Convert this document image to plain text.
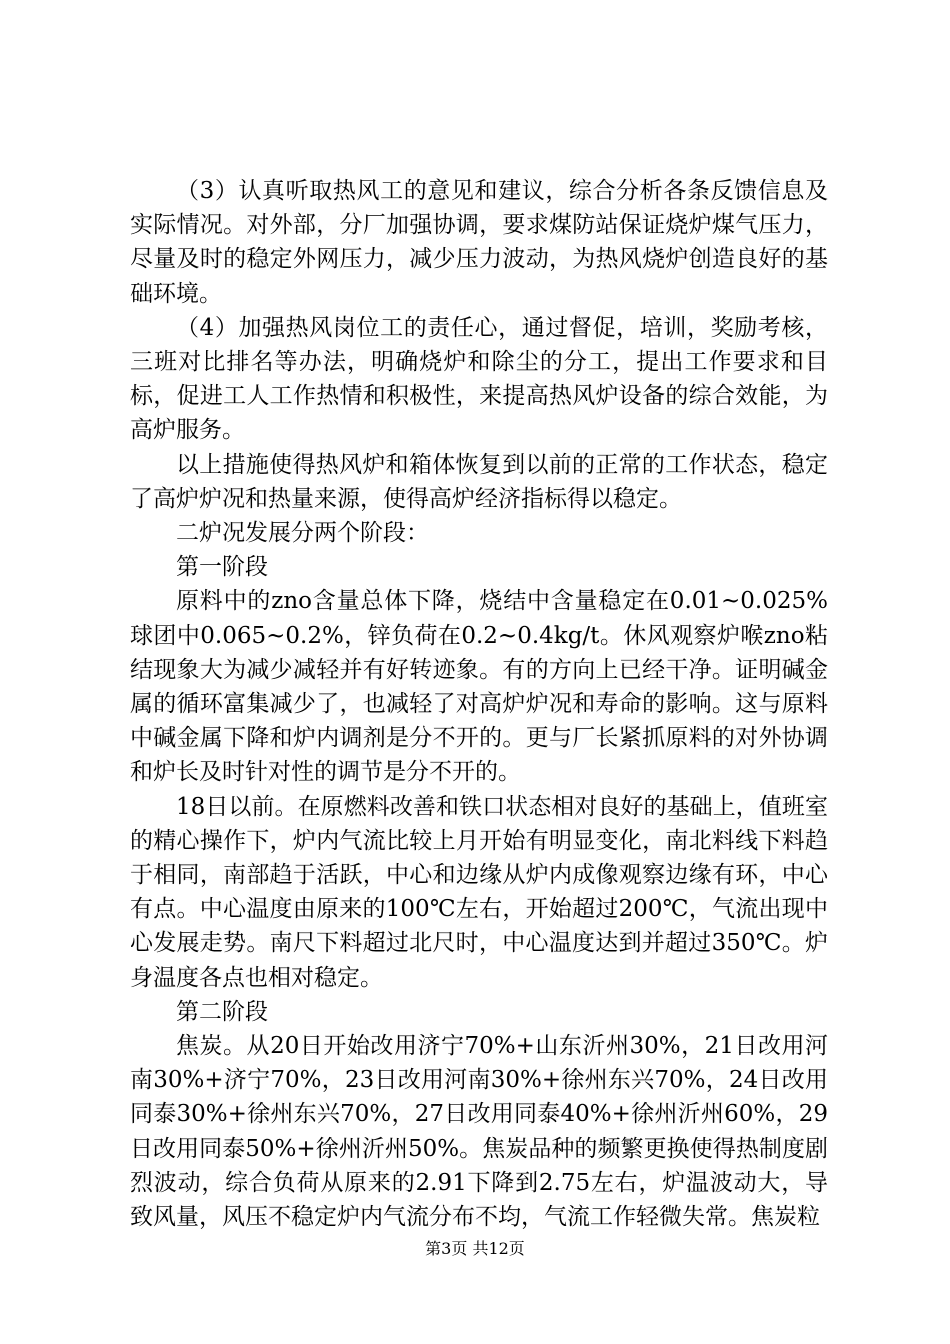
（3）认真听取热风工的意见和建议，综合分析各条反馈信息及实际情况。对外部，分厂加强协调，要求煤防站保证烧炉煤气压力，尽量及时的稳定外网压力，减少压力波动，为热风烧炉创造良好的基础环境。

（4）加强热风岗位工的责任心，通过督促，培训，奖励考核，三班对比排名等办法，明确烧炉和除尘的分工，提出工作要求和目标，促进工人工作热情和积极性，来提高热风炉设备的综合效能，为高炉服务。

以上措施使得热风炉和箱体恢复到以前的正常的工作状态，稳定了高炉炉况和热量来源，使得高炉经济指标得以稳定。

二炉况发展分两个阶段：

第一阶段

原料中的zno含量总体下降，烧结中含量稳定在0.01~0.025%球团中0.065~0.2%，锌负荷在0.2~0.4kg/t。休风观察炉喉zno粘结现象大为减少减轻并有好转迹象。有的方向上已经干净。证明碱金属的循环富集减少了，也减轻了对高炉炉况和寿命的影响。这与原料中碱金属下降和炉内调剂是分不开的。更与厂长紧抓原料的对外协调和炉长及时针对性的调节是分不开的。

18日以前。在原燃料改善和铁口状态相对良好的基础上，值班室的精心操作下，炉内气流比较上月开始有明显变化，南北料线下料趋于相同，南部趋于活跃，中心和边缘从炉内成像观察边缘有环，中心有点。中心温度由原来的100℃左右，开始超过200℃，气流出现中心发展走势。南尺下料超过北尺时，中心温度达到并超过350℃。炉身温度各点也相对稳定。

第二阶段

焦炭。从20日开始改用济宁70%+山东沂州30%，21日改用河南30%+济宁70%，23日改用河南30%+徐州东兴70%，24日改用同泰30%+徐州东兴70%，27日改用同泰40%+徐州沂州60%，29日改用同泰50%+徐州沂州50%。焦炭品种的频繁更换使得热制度剧烈波动，综合负荷从原来的2.91下降到2.75左右，炉温波动大，导致风量，风压不稳定炉内气流分布不均，气流工作轻微失常。焦炭粒

第3页 共12页
